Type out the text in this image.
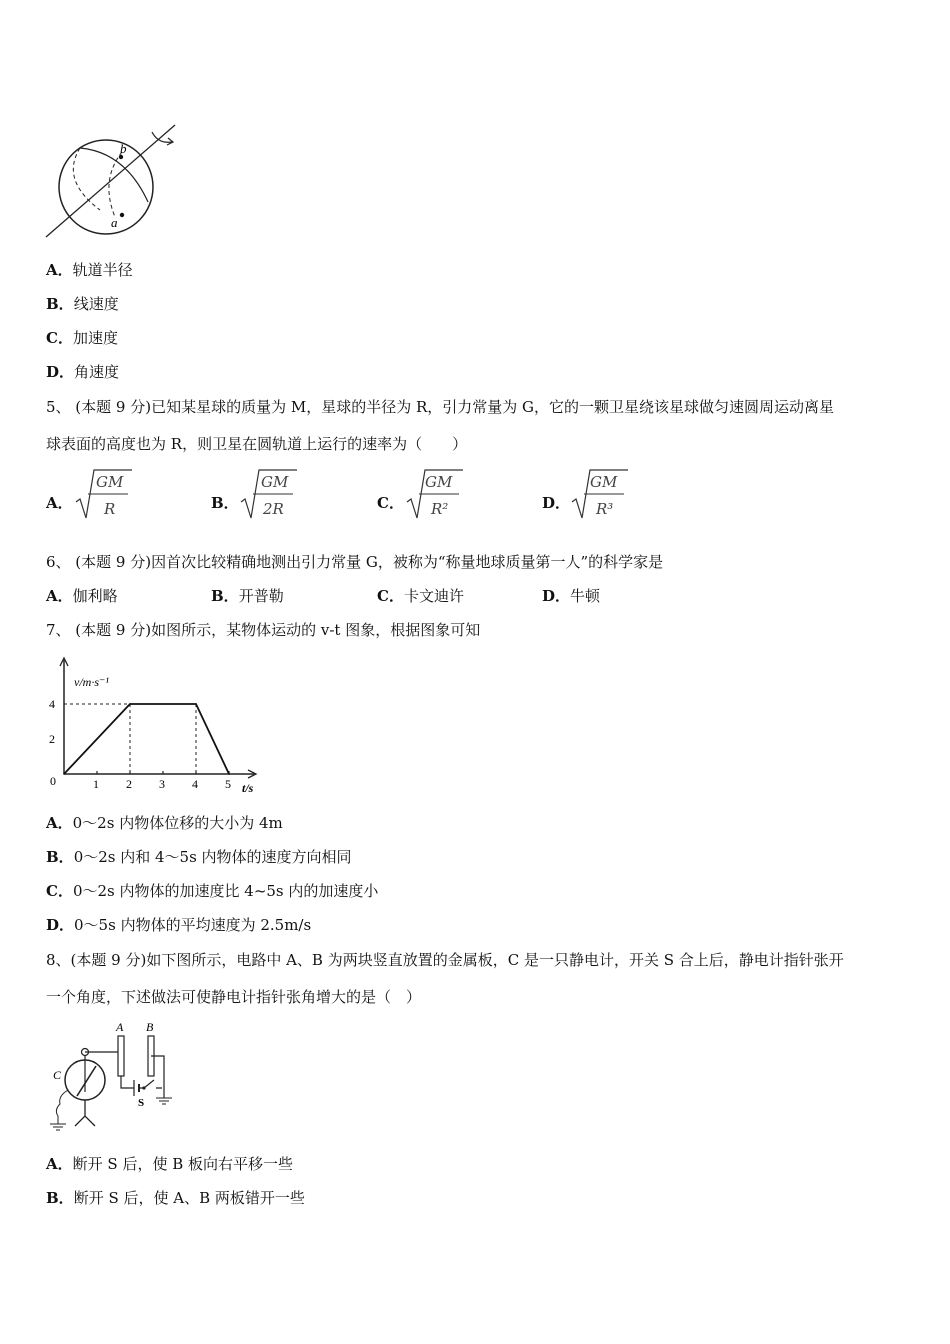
b
a
A．轨道半径
B．线速度
C．加速度
D．角速度
5、 (本题 9 分)已知某星球的质量为 M，星球的半径为 R，引力常量为 G，它的一颗卫星绕该星球做匀速圆周运动离星
球表面的高度也为 R，则卫星在圆轨道上运行的速率为（　　）
A．
GM
R	B．
GM
2R	C．
GM
R²	D．
GM
R³
6、 (本题 9 分)因首次比较精确地测出引力常量 G，被称为“称量地球质量第一人”的科学家是
A．伽利略	B．开普勒	C．卡文迪许	D．牛顿
7、 (本题 9 分)如图所示，某物体运动的 v-t 图象，根据图象可知
v/m·s⁻¹
t/s
0	1 2 3 4 5
2
4
A．0～2s 内物体位移的大小为 4m
B．0～2s 内和 4～5s 内物体的速度方向相同
C．0～2s 内物体的加速度比 4~5s 内的加速度小
D．0～5s 内物体的平均速度为 2.5m/s
8、(本题 9 分)如下图所示，电路中 A、B 为两块竖直放置的金属板，C 是一只静电计，开关 S 合上后，静电计指针张开
一个角度，下述做法可使静电计指针张角增大的是（　）
A B
C
S
A．断开 S 后，使 B 板向右平移一些
B．断开 S 后，使 A、B 两板错开一些
